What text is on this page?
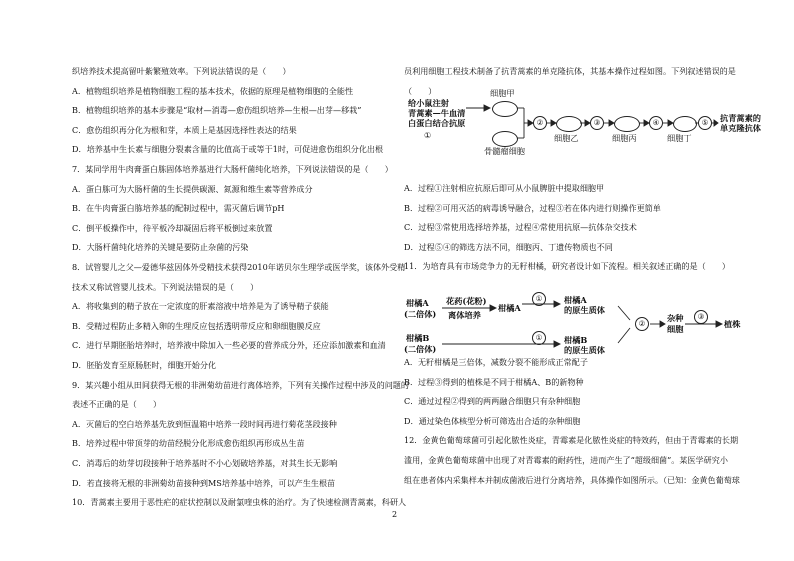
织培养技术提高留叶紫繁殖效率。下列说法错误的是（　　）
A．植物组织培养是植物细胞工程的基本技术，依据的原理是植物细胞的全能性
B．植物组织培养的基本步骤是“取材—消毒—愈伤组织培养—生根—出芽—移栽”
C．愈伤组织再分化为根和芽，本质上是基因选择性表达的结果
D．培养基中生长素与细胞分裂素含量的比值高于或等于1时，可促进愈伤组织分化出根
7．某同学用牛肉膏蛋白胨固体培养基进行大肠杆菌纯化培养，下列说法错误的是（　　）
A．蛋白胨可为大肠杆菌的生长提供碳源、氮源和维生素等营养成分
B．在牛肉膏蛋白胨培养基的配制过程中，需灭菌后调节pH
C．倒平板操作中，待平板冷却凝固后将平板倒过来放置
D．大肠杆菌纯化培养的关键是要防止杂菌的污染
8．试管婴儿之父—爱德华兹因体外受精技术获得2010年诺贝尔生理学或医学奖，该体外受精
技术又称试管婴儿技术。下列说法错误的是（　　）
A．将收集到的精子放在一定浓度的肝素溶液中培养是为了诱导精子获能
B．受精过程防止多精入卵的生理反应包括透明带反应和卵细胞膜反应
C．进行早期胚胎培养时，培养液中除加入一些必要的营养成分外，还应添加激素和血清
D．胚胎发育至原肠胚时，细胞开始分化
9．某兴趣小组从田间获得无根的非洲菊幼苗进行离体培养，下列有关操作过程中涉及的问题的
表述不正确的是（　　）
A．灭菌后的空白培养基先放到恒温箱中培养一段时间再进行菊花茎段接种
B．培养过程中带顶芽的幼苗经脱分化形成愈伤组织再形成丛生苗
C．消毒后的幼芽切段接种于培养基时不小心划破培养基，对其生长无影响
D．若直接将无根的非洲菊幼苗接种到MS培养基中培养，可以产生生根苗
10．青蒿素主要用于恶性疟的症状控制以及耐氯喹虫株的治疗。为了快速检测青蒿素，科研人
员利用细胞工程技术制备了抗青蒿素的单克隆抗体，其基本操作过程如图。下列叙述错误的是
（　　）
给小鼠注射
青蒿素—牛血清
白蛋白结合抗原
①
细胞甲
骨髓瘤细胞
②
细胞乙
③
细胞丙
④
细胞丁
⑤	抗青蒿素的
单克隆抗体
A．过程①注射相应抗原后即可从小鼠脾脏中提取细胞甲
B．过程②可用灭活的病毒诱导融合，过程③若在体内进行则操作更简单
C．过程③常使用选择培养基，过程④常使用抗原—抗体杂交技术
D．过程⑤④的筛选方法不同，细胞丙、丁遗传物质也不同
11．为培育具有市场竞争力的无籽柑橘，研究者设计如下流程。相关叙述正确的是（　　）
柑橘A
(二倍体)
花药(花粉)
离体培养
柑橘A
①	柑橘A
的原生质体
柑橘B
(二倍体)
①	柑橘B
的原生质体
②
杂种
细胞
③
植株
A．无籽柑橘是三倍体，减数分裂不能形成正常配子
B．过程③得到的植株是不同于柑橘A、B的新物种
C．通过过程②得到的两两融合细胞只有杂种细胞
D．通过染色体核型分析可筛选出合适的杂种细胞
12．金黄色葡萄球菌可引起化脓性炎症，青霉素是化脓性炎症的特效药，但由于青霉素的长期
滥用，金黄色葡萄球菌中出现了对青霉素的耐药性，进而产生了“超级细菌”。某医学研究小
组在患者体内采集样本并制成菌液后进行分离培养，具体操作如图所示。（已知：金黄色葡萄球
2
